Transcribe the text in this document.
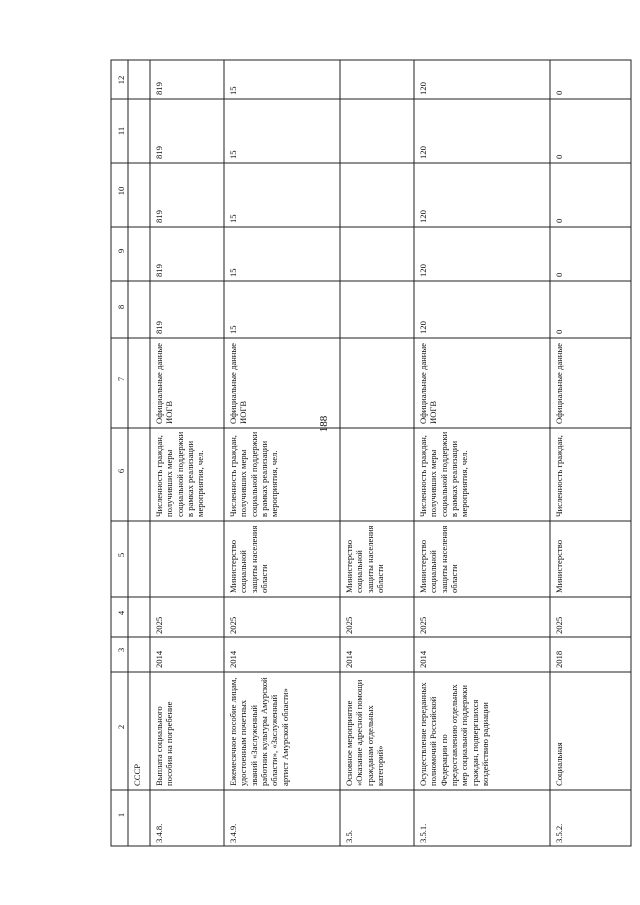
188
1
2
3
4
5
6
7
8
9
10
11
12
СССР
3.4.8.
Выплата социального пособия на погребение
2014
2025
Численность граждан, получивших меры социальной поддержки в рамках реализации мероприятия, чел.
Официальные данные ИОГВ
819
819
819
819
819
3.4.9.
Ежемесячное пособие лицам, удостоенным почетных званий «Заслуженный работник культуры Амурской области», «Заслуженный артист Амурской области»
2014
2025
Министерство социальной защиты населения области
Численность граждан, получивших меры социальной поддержки в рамках реализации мероприятия, чел.
Официальные данные ИОГВ
15
15
15
15
15
3.5.
Основное мероприятие «Оказание адресной помощи гражданам отдельных категорий»
2014
2025
Министерство социальной защиты населения области
3.5.1.
Осуществление переданных полномочий Российской Федерации по предоставлению отдельных мер социальной поддержки граждан, подвергшихся воздействию радиации
2014
2025
Министерство социальной защиты населения области
Численность граждан, получивших меры социальной поддержки в рамках реализации мероприятия, чел.
Официальные данные ИОГВ
120
120
120
120
120
3.5.2.
Социальная
2018
2025
Министерство
Численность граждан,
Официальные данные
0
0
0
0
0
